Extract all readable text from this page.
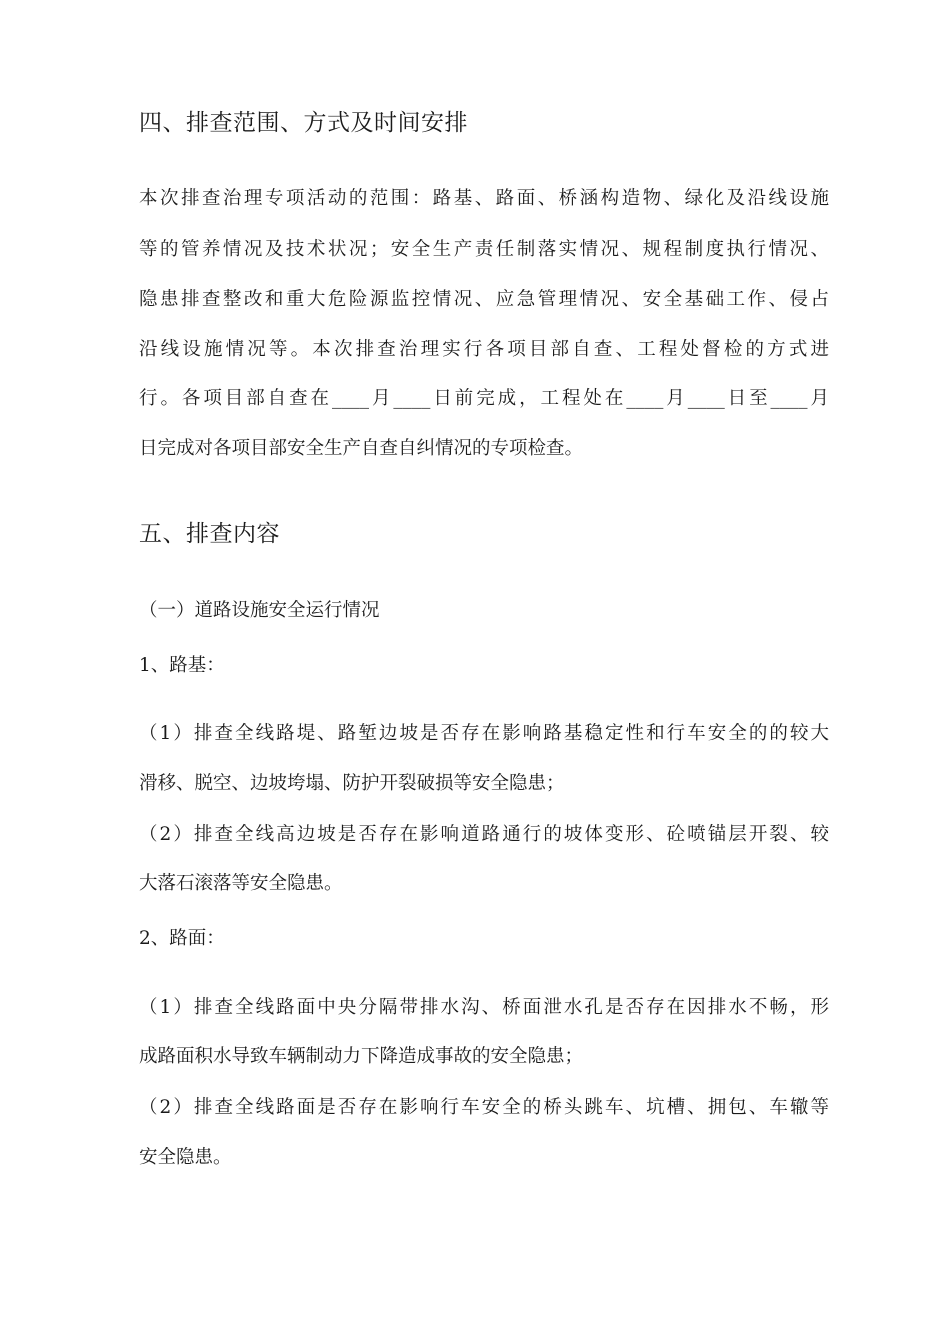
四、排查范围、方式及时间安排
本次排查治理专项活动的范围：路基、路面、桥涵构造物、绿化及沿线设施
等的管养情况及技术状况；安全生产责任制落实情况、规程制度执行情况、
隐患排查整改和重大危险源监控情况、应急管理情况、安全基础工作、侵占
沿线设施情况等。本次排查治理实行各项目部自查、工程处督检的方式进
行。各项目部自查在____月____日前完成，工程处在____月____日至____月
日完成对各项目部安全生产自查自纠情况的专项检查。
五、排查内容
（一）道路设施安全运行情况
1、路基：
（1）排查全线路堤、路堑边坡是否存在影响路基稳定性和行车安全的的较大
滑移、脱空、边坡垮塌、防护开裂破损等安全隐患；
（2）排查全线高边坡是否存在影响道路通行的坡体变形、砼喷锚层开裂、较
大落石滚落等安全隐患。
2、路面：
（1）排查全线路面中央分隔带排水沟、桥面泄水孔是否存在因排水不畅，形
成路面积水导致车辆制动力下降造成事故的安全隐患；
（2）排查全线路面是否存在影响行车安全的桥头跳车、坑槽、拥包、车辙等
安全隐患。
